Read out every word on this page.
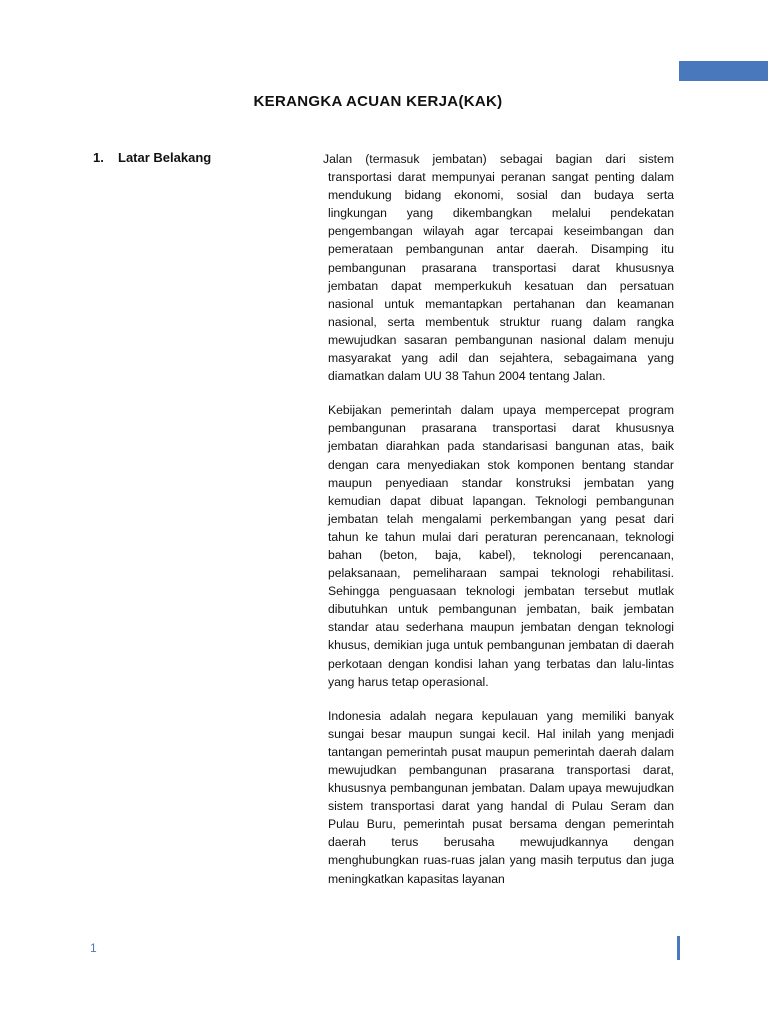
KERANGKA ACUAN KERJA(KAK)
1. Latar Belakang	Jalan (termasuk jembatan) sebagai bagian dari sistem transportasi darat mempunyai peranan sangat penting dalam mendukung bidang ekonomi, sosial dan budaya serta lingkungan yang dikembangkan melalui pendekatan pengembangan wilayah agar tercapai keseimbangan dan pemerataan pembangunan antar daerah. Disamping itu pembangunan prasarana transportasi darat khususnya jembatan dapat memperkukuh kesatuan dan persatuan nasional untuk memantapkan pertahanan dan keamanan nasional, serta membentuk struktur ruang dalam rangka mewujudkan sasaran pembangunan nasional dalam menuju masyarakat yang adil dan sejahtera, sebagaimana yang diamatkan dalam UU 38 Tahun 2004 tentang Jalan.

Kebijakan pemerintah dalam upaya mempercepat program pembangunan prasarana transportasi darat khususnya jembatan diarahkan pada standarisasi bangunan atas, baik dengan cara menyediakan stok komponen bentang standar maupun penyediaan standar konstruksi jembatan yang kemudian dapat dibuat lapangan. Teknologi pembangunan jembatan telah mengalami perkembangan yang pesat dari tahun ke tahun mulai dari peraturan perencanaan, teknologi bahan (beton, baja, kabel), teknologi perencanaan, pelaksanaan, pemeliharaan sampai teknologi rehabilitasi. Sehingga penguasaan teknologi jembatan tersebut mutlak dibutuhkan untuk pembangunan jembatan, baik jembatan standar atau sederhana maupun jembatan dengan teknologi khusus, demikian juga untuk pembangunan jembatan di daerah perkotaan dengan kondisi lahan yang terbatas dan lalu-lintas yang harus tetap operasional.

Indonesia adalah negara kepulauan yang memiliki banyak sungai besar maupun sungai kecil. Hal inilah yang menjadi tantangan pemerintah pusat maupun pemerintah daerah dalam mewujudkan pembangunan prasarana transportasi darat, khususnya pembangunan jembatan. Dalam upaya mewujudkan sistem transportasi darat yang handal di Pulau Seram dan Pulau Buru, pemerintah pusat bersama dengan pemerintah daerah terus berusaha mewujudkannya dengan menghubungkan ruas-ruas jalan yang masih terputus dan juga meningkatkan kapasitas layanan

1
